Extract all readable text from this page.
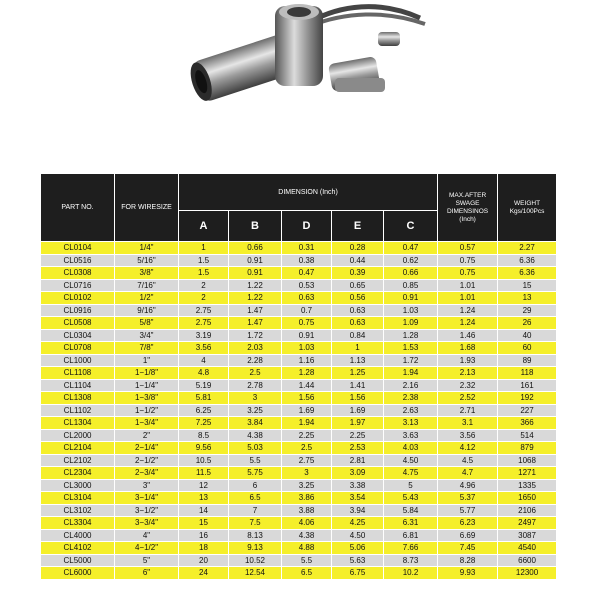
PART NO.	FOR WIRESIZE	DIMENSION (Inch)					MAX.AFTER SWAGE DIMENSINOS (Inch)	WEIGHT Kgs/100Pcs
		A	B	D	E	C		
CL0104	1/4"	1	0.66	0.31	0.28	0.47	0.57	2.27
CL0516	5/16"	1.5	0.91	0.38	0.44	0.62	0.75	6.36
CL0308	3/8"	1.5	0.91	0.47	0.39	0.66	0.75	6.36
CL0716	7/16"	2	1.22	0.53	0.65	0.85	1.01	15
CL0102	1/2"	2	1.22	0.63	0.56	0.91	1.01	13
CL0916	9/16"	2.75	1.47	0.7	0.63	1.03	1.24	29
CL0508	5/8"	2.75	1.47	0.75	0.63	1.09	1.24	26
CL0304	3/4"	3.19	1.72	0.91	0.84	1.28	1.46	40
CL0708	7/8"	3.56	2.03	1.03	1	1.53	1.68	60
CL1000	1"	4	2.28	1.16	1.13	1.72	1.93	89
CL1108	1−1/8"	4.8	2.5	1.28	1.25	1.94	2.13	118
CL1104	1−1/4"	5.19	2.78	1.44	1.41	2.16	2.32	161
CL1308	1−3/8"	5.81	3	1.56	1.56	2.38	2.52	192
CL1102	1−1/2"	6.25	3.25	1.69	1.69	2.63	2.71	227
CL1304	1−3/4"	7.25	3.84	1.94	1.97	3.13	3.1	366
CL2000	2"	8.5	4.38	2.25	2.25	3.63	3.56	514
CL2104	2−1/4"	9.56	5.03	2.5	2.53	4.03	4.12	879
CL2102	2−1/2"	10.5	5.5	2.75	2.81	4.50	4.5	1068
CL2304	2−3/4"	11.5	5.75	3	3.09	4.75	4.7	1271
CL3000	3"	12	6	3.25	3.38	5	4.96	1335
CL3104	3−1/4"	13	6.5	3.86	3.54	5.43	5.37	1650
CL3102	3−1/2"	14	7	3.88	3.94	5.84	5.77	2106
CL3304	3−3/4"	15	7.5	4.06	4.25	6.31	6.23	2497
CL4000	4"	16	8.13	4.38	4.50	6.81	6.69	3087
CL4102	4−1/2"	18	9.13	4.88	5.06	7.66	7.45	4540
CL5000	5"	20	10.52	5.5	5.63	8.73	8.28	6600
CL6000	6"	24	12.54	6.5	6.75	10.2	9.93	12300
